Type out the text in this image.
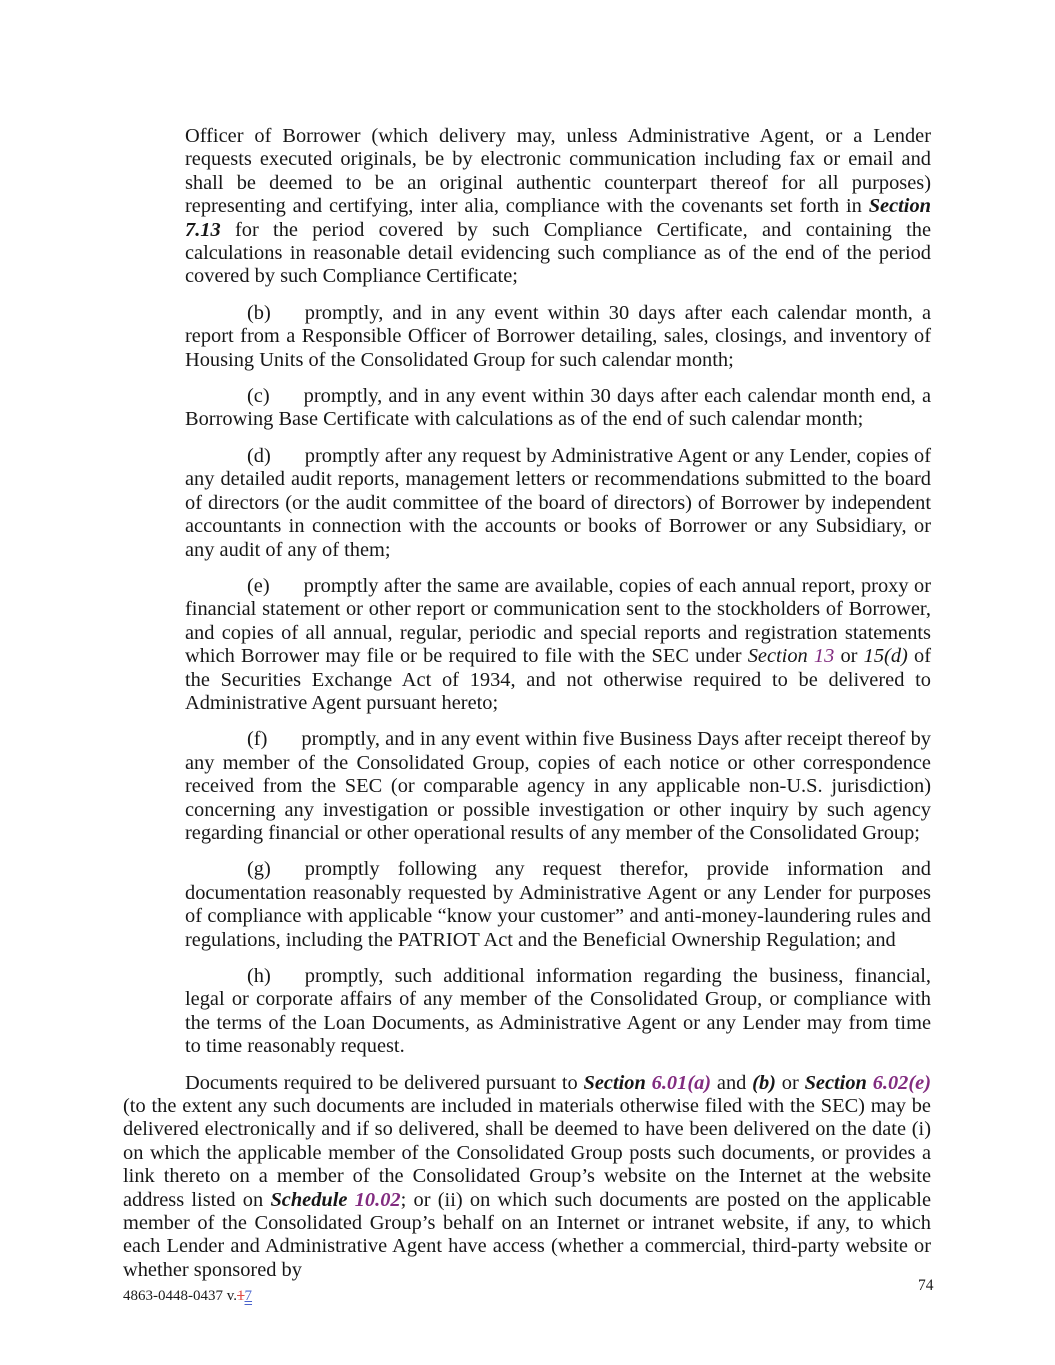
Officer of Borrower (which delivery may, unless Administrative Agent, or a Lender requests executed originals, be by electronic communication including fax or email and shall be deemed to be an original authentic counterpart thereof for all purposes) representing and certifying, inter alia, compliance with the covenants set forth in Section 7.13 for the period covered by such Compliance Certificate, and containing the calculations in reasonable detail evidencing such compliance as of the end of the period covered by such Compliance Certificate;

(b) promptly, and in any event within 30 days after each calendar month, a report from a Responsible Officer of Borrower detailing, sales, closings, and inventory of Housing Units of the Consolidated Group for such calendar month;

(c) promptly, and in any event within 30 days after each calendar month end, a Borrowing Base Certificate with calculations as of the end of such calendar month;

(d) promptly after any request by Administrative Agent or any Lender, copies of any detailed audit reports, management letters or recommendations submitted to the board of directors (or the audit committee of the board of directors) of Borrower by independent accountants in connection with the accounts or books of Borrower or any Subsidiary, or any audit of any of them;

(e) promptly after the same are available, copies of each annual report, proxy or financial statement or other report or communication sent to the stockholders of Borrower, and copies of all annual, regular, periodic and special reports and registration statements which Borrower may file or be required to file with the SEC under Section 13 or 15(d) of the Securities Exchange Act of 1934, and not otherwise required to be delivered to Administrative Agent pursuant hereto;

(f) promptly, and in any event within five Business Days after receipt thereof by any member of the Consolidated Group, copies of each notice or other correspondence received from the SEC (or comparable agency in any applicable non-U.S. jurisdiction) concerning any investigation or possible investigation or other inquiry by such agency regarding financial or other operational results of any member of the Consolidated Group;

(g) promptly following any request therefor, provide information and documentation reasonably requested by Administrative Agent or any Lender for purposes of compliance with applicable “know your customer” and anti-money-laundering rules and regulations, including the PATRIOT Act and the Beneficial Ownership Regulation; and

(h) promptly, such additional information regarding the business, financial, legal or corporate affairs of any member of the Consolidated Group, or compliance with the terms of the Loan Documents, as Administrative Agent or any Lender may from time to time reasonably request.

Documents required to be delivered pursuant to Section 6.01(a) and (b) or Section 6.02(e) (to the extent any such documents are included in materials otherwise filed with the SEC) may be delivered electronically and if so delivered, shall be deemed to have been delivered on the date (i) on which the applicable member of the Consolidated Group posts such documents, or provides a link thereto on a member of the Consolidated Group’s website on the Internet at the website address listed on Schedule 10.02; or (ii) on which such documents are posted on the applicable member of the Consolidated Group’s behalf on an Internet or intranet website, if any, to which each Lender and Administrative Agent have access (whether a commercial, third-party website or whether sponsored by

4863-0448-0437 v.17
74
